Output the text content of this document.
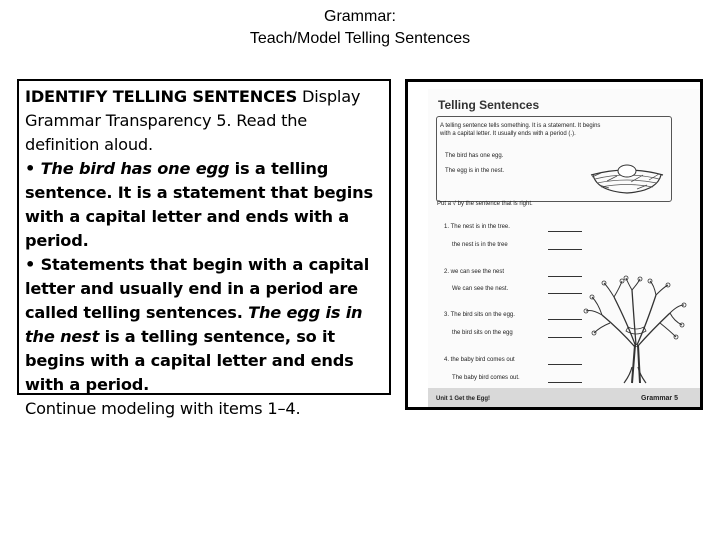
Grammar:
Teach/Model Telling Sentences

IDENTIFY TELLING SENTENCES Display Grammar Transparency 5. Read the definition aloud.

• The bird has one egg is a telling sentence. It is a statement that begins with a capital letter and ends with a period.

• Statements that begin with a capital letter and usually end in a period are called telling sentences. The egg is in the nest is a telling sentence, so it begins with a capital letter and ends with a period.

Continue modeling with items 1–4.

Telling Sentences
A telling sentence tells something. It is a statement. It begins
with a capital letter. It usually ends with a period (.).
The bird has one egg.
The egg is in the nest.
Put a √ by the sentence that is right.
1. The nest is in the tree.
the nest is in the tree
2. we can see the nest
We can see the nest.
3. The bird sits on the egg.
the bird sits on the egg
4. the baby bird comes out
The baby bird comes out.
Unit 1 Get the Egg!	Grammar 5
